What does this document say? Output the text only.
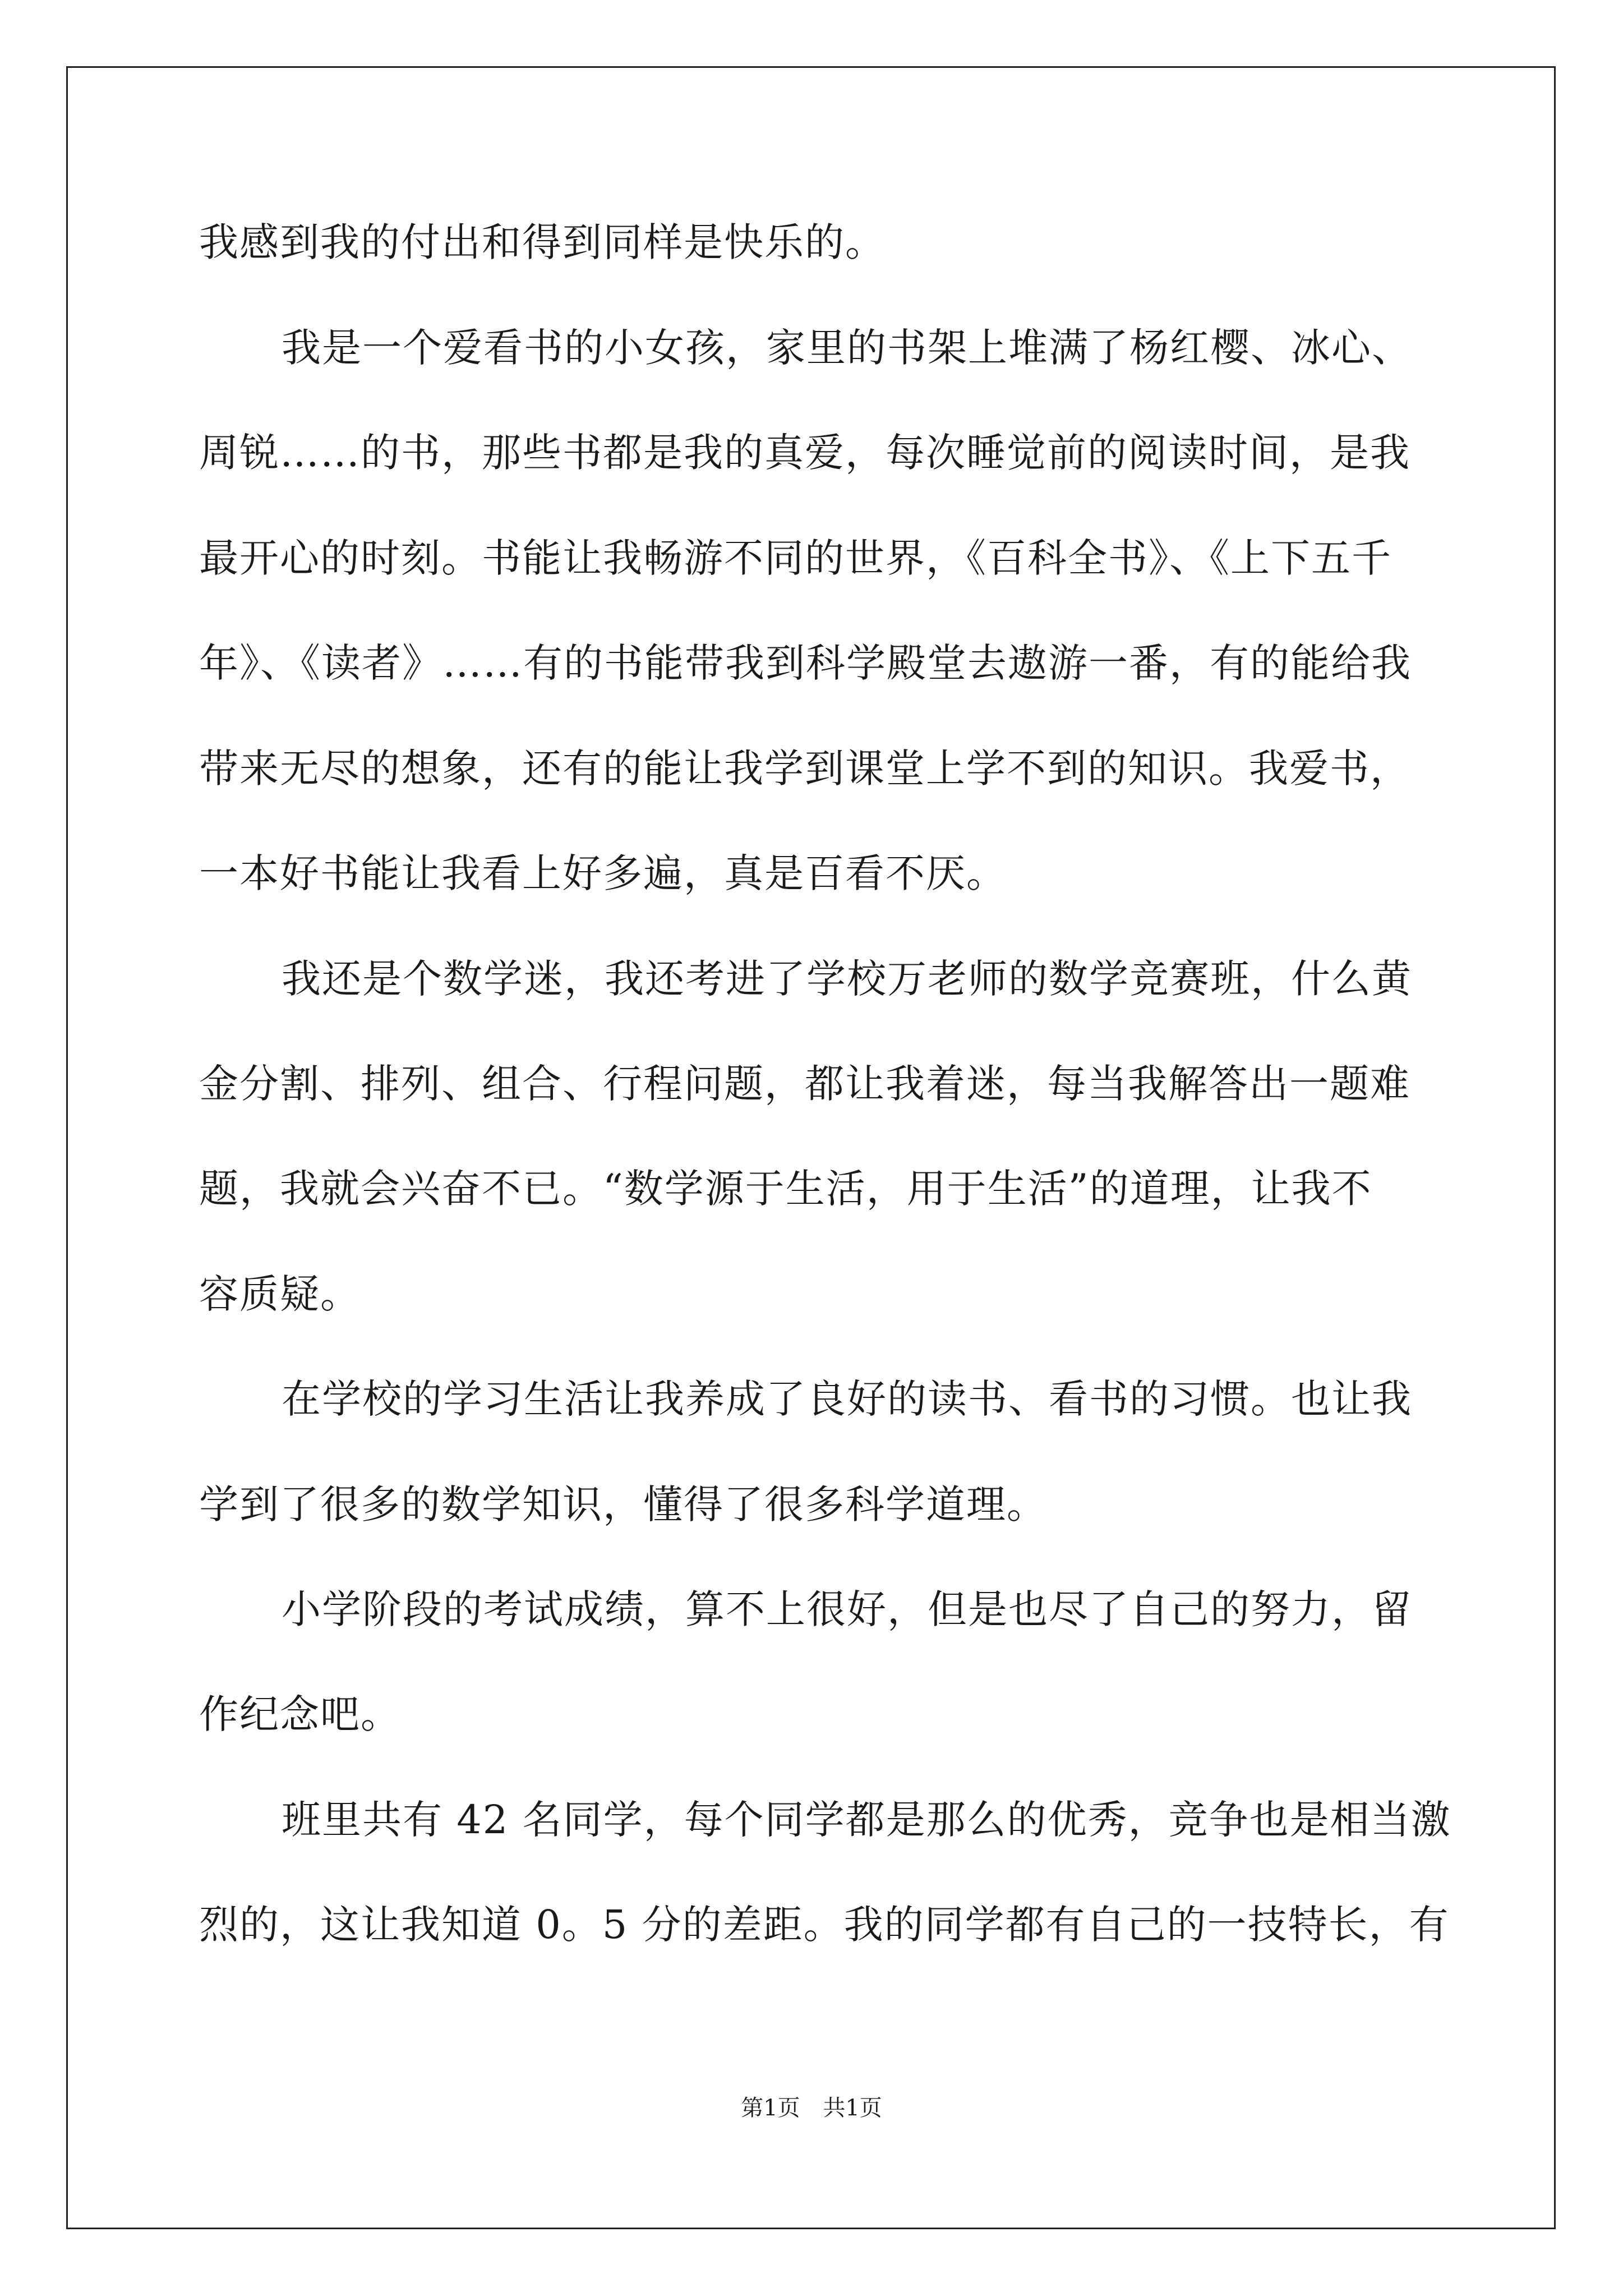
我感到我的付出和得到同样是快乐的。
我是一个爱看书的小女孩，家里的书架上堆满了杨红樱、冰心、
周锐……的书，那些书都是我的真爱，每次睡觉前的阅读时间，是我
最开心的时刻。书能让我畅游不同的世界，《百科全书》、《上下五千
年》、《读者》……有的书能带我到科学殿堂去遨游一番，有的能给我
带来无尽的想象，还有的能让我学到课堂上学不到的知识。我爱书，
一本好书能让我看上好多遍，真是百看不厌。
我还是个数学迷，我还考进了学校万老师的数学竞赛班，什么黄
金分割、排列、组合、行程问题，都让我着迷，每当我解答出一题难
题，我就会兴奋不已。“数学源于生活，用于生活”的道理，让我不
容质疑。
在学校的学习生活让我养成了良好的读书、看书的习惯。也让我
学到了很多的数学知识，懂得了很多科学道理。
小学阶段的考试成绩，算不上很好，但是也尽了自己的努力，留
作纪念吧。
班里共有 42 名同学，每个同学都是那么的优秀，竞争也是相当激
烈的，这让我知道 0。5 分的差距。我的同学都有自己的一技特长，有
第1页 共1页
